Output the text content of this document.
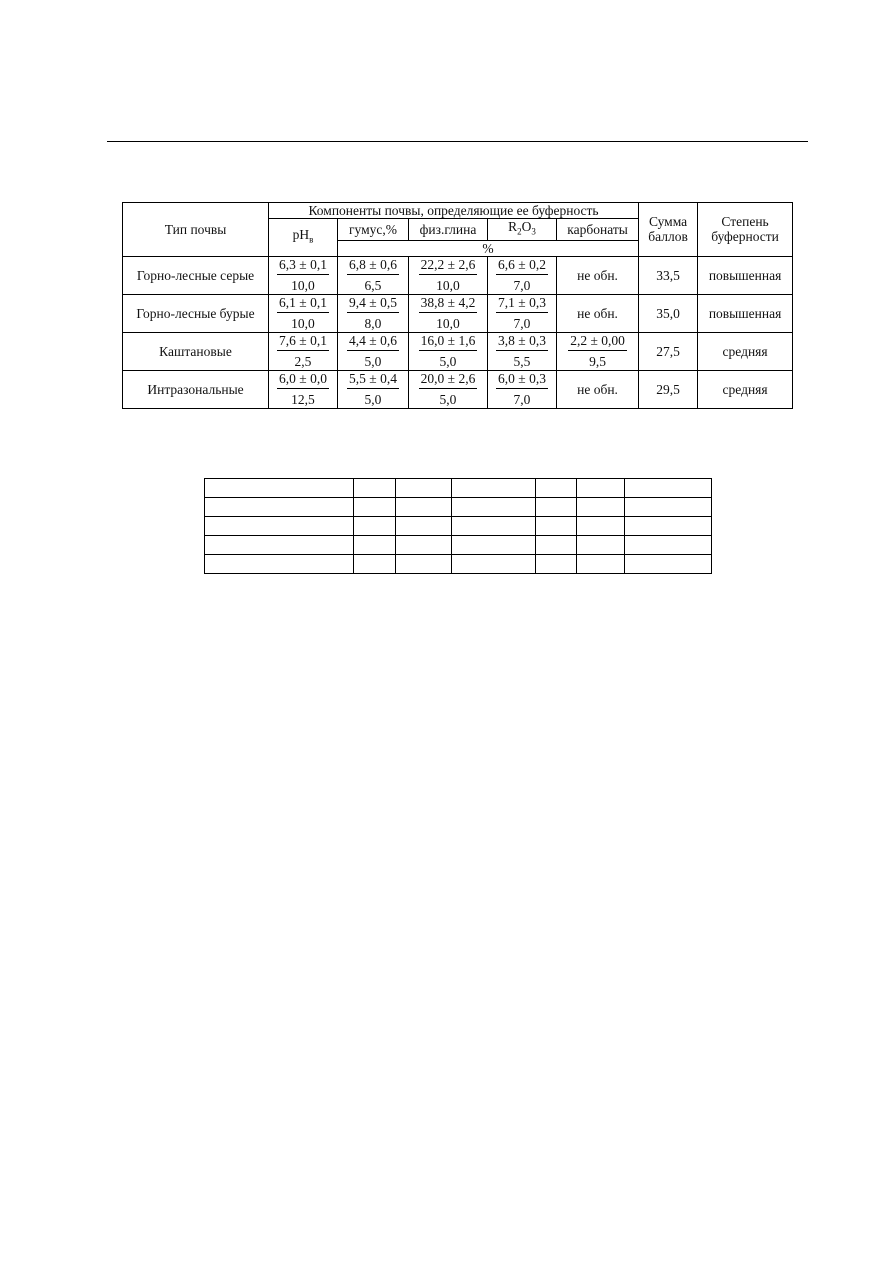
Тип почвы	Компоненты почвы, определяющие ее буферность					Сумма баллов	Степень буферности
	$pH_в$	гумус,%	физ.глина	$R_2O_3$	карбонаты		
		%					
Горно-лесные серые	$\frac{6,3 \pm 0,1}{10,0}$	$\frac{6,8 \pm 0,6}{6,5}$	$\frac{22,2 \pm 2,6}{10,0}$	$\frac{6,6 \pm 0,2}{7,0}$	не обн.	33,5	повышенная
Горно-лесные бурые	$\frac{6,1 \pm 0,1}{10,0}$	$\frac{9,4 \pm 0,5}{8,0}$	$\frac{38,8 \pm 4,2}{10,0}$	$\frac{7,1 \pm 0,3}{7,0}$	не обн.	35,0	повышенная
Каштановые	$\frac{7,6 \pm 0,1}{2,5}$	$\frac{4,4 \pm 0,6}{5,0}$	$\frac{16,0 \pm 1,6}{5,0}$	$\frac{3,8 \pm 0,3}{5,5}$	$\frac{2,2 \pm 0,00}{9,5}$	27,5	средняя
Интразональные	$\frac{6,0 \pm 0,0}{12,5}$	$\frac{5,5 \pm 0,4}{5,0}$	$\frac{20,0 \pm 2,6}{5,0}$	$\frac{6,0 \pm 0,3}{7,0}$	не обн.	29,5	средняя
